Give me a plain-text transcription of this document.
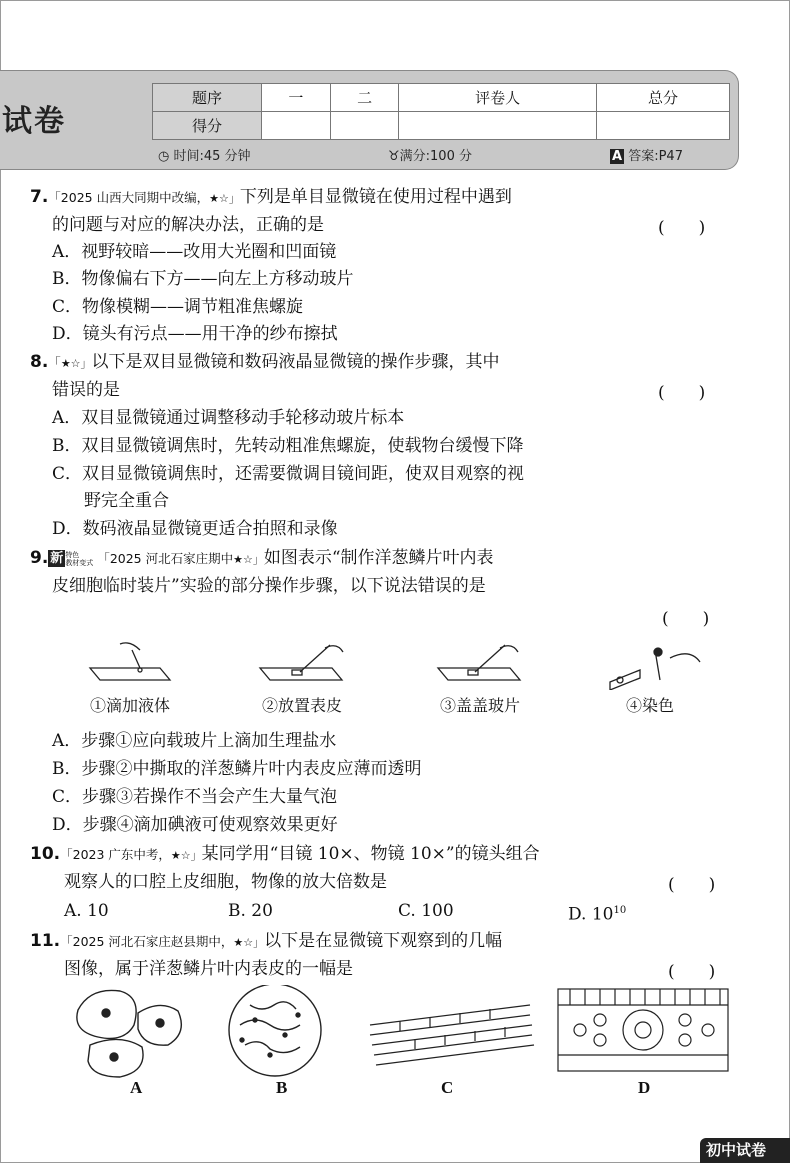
试卷
题序	一	二	评卷人	总分
得分				
◷ 时间:45 分钟	♉满分:100 分	A 答案:P47
7.「2025 山西大同期中改编，★☆」下列是单目显微镜在使用过程中遇到
的问题与对应的解决办法，正确的是	(　　)
A．视野较暗——改用大光圈和凹面镜
B．物像偏右下方——向左上方移动玻片
C．物像模糊——调节粗准焦螺旋
D．镜头有污点——用干净的纱布擦拭
8.「★☆」以下是双目显微镜和数码液晶显微镜的操作步骤，其中
错误的是	(　　)
A．双目显微镜通过调整移动手轮移动玻片标本
B．双目显微镜调焦时，先转动粗准焦螺旋，使载物台缓慢下降
C．双目显微镜调焦时，还需要微调目镜间距，使双目观察的视
野完全重合
D．数码液晶显微镜更适合拍照和录像
9. 新 特色
教材变式 「2025 河北石家庄期中★☆」如图表示“制作洋葱鳞片叶内表
皮细胞临时装片”实验的部分操作步骤，以下说法错误的是
(　　)
①滴加液体	②放置表皮	③盖盖玻片	④染色
A．步骤①应向载玻片上滴加生理盐水
B．步骤②中撕取的洋葱鳞片叶内表皮应薄而透明
C．步骤③若操作不当会产生大量气泡
D．步骤④滴加碘液可使观察效果更好
10.「2023 广东中考，★☆」某同学用“目镜 10×、物镜 10×”的镜头组合
观察人的口腔上皮细胞，物像的放大倍数是	(　　)
A. 10	B. 20	C. 100	D. $10^{10}$
11.「2025 河北石家庄赵县期中，★☆」以下是在显微镜下观察到的几幅
图像，属于洋葱鳞片叶内表皮的一幅是	(　　)
A	B	C	D
初中试卷
